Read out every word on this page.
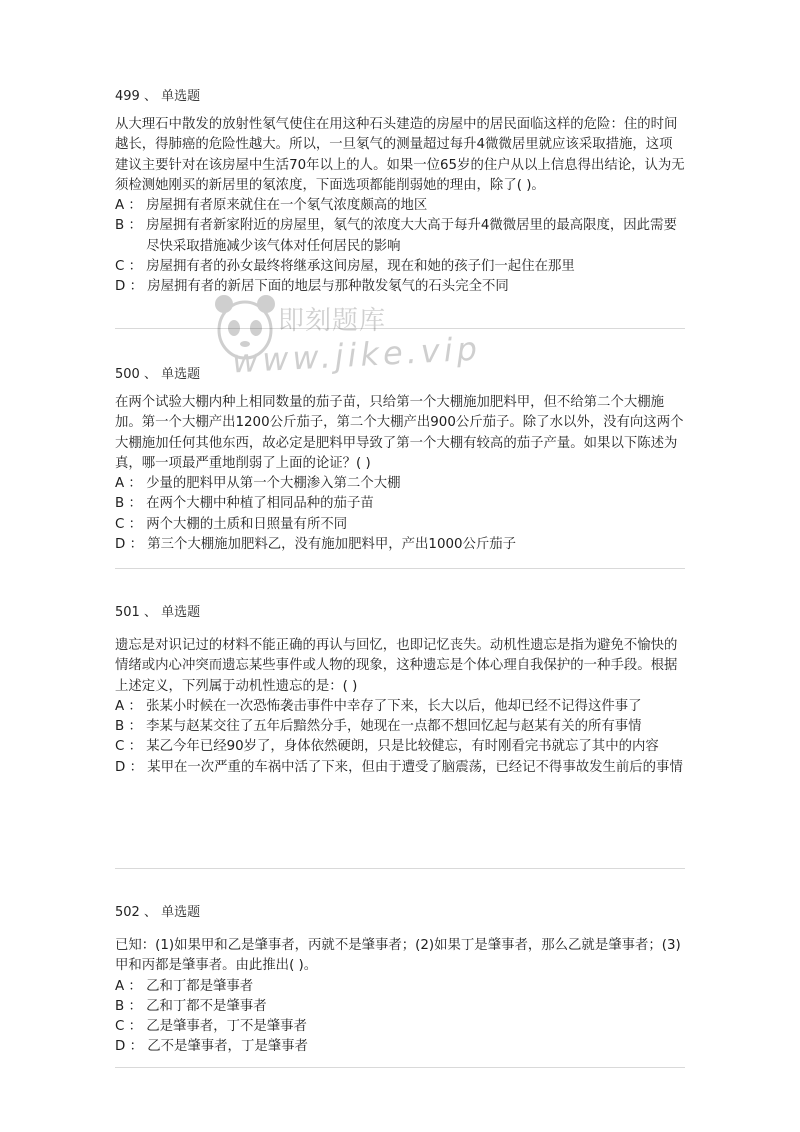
499 、 单选题
从大理石中散发的放射性氡气使住在用这种石头建造的房屋中的居民面临这样的危险：住的时间越长，得肺癌的危险性越大。所以，一旦氡气的测量超过每升4微微居里就应该采取措施，这项建议主要针对在该房屋中生活70年以上的人。如果一位65岁的住户从以上信息得出结论，认为无须检测她刚买的新居里的氡浓度，下面选项都能削弱她的理由，除了( )。
A ： 房屋拥有者原来就住在一个氡气浓度颇高的地区
B ： 房屋拥有者新家附近的房屋里，氡气的浓度大大高于每升4微微居里的最高限度，因此需要尽快采取措施减少该气体对任何居民的影响
C ： 房屋拥有者的孙女最终将继承这间房屋，现在和她的孩子们一起住在那里
D ： 房屋拥有者的新居下面的地层与那种散发氡气的石头完全不同
即刻题库
www.jike.vip
500 、 单选题
在两个试验大棚内种上相同数量的茄子苗，只给第一个大棚施加肥料甲，但不给第二个大棚施加。第一个大棚产出1200公斤茄子，第二个大棚产出900公斤茄子。除了水以外，没有向这两个大棚施加任何其他东西，故必定是肥料甲导致了第一个大棚有较高的茄子产量。如果以下陈述为真，哪一项最严重地削弱了上面的论证？( )
A ： 少量的肥料甲从第一个大棚渗入第二个大棚
B ： 在两个大棚中种植了相同品种的茄子苗
C ： 两个大棚的土质和日照量有所不同
D ： 第三个大棚施加肥料乙，没有施加肥料甲，产出1000公斤茄子
501 、 单选题
遗忘是对识记过的材料不能正确的再认与回忆，也即记忆丧失。动机性遗忘是指为避免不愉快的情绪或内心冲突而遗忘某些事件或人物的现象，这种遗忘是个体心理自我保护的一种手段。根据上述定义，下列属于动机性遗忘的是：( )
A ： 张某小时候在一次恐怖袭击事件中幸存了下来，长大以后，他却已经不记得这件事了
B ： 李某与赵某交往了五年后黯然分手，她现在一点都不想回忆起与赵某有关的所有事情
C ： 某乙今年已经90岁了，身体依然硬朗，只是比较健忘，有时刚看完书就忘了其中的内容
D ： 某甲在一次严重的车祸中活了下来，但由于遭受了脑震荡，已经记不得事故发生前后的事情
502 、 单选题
已知：(1)如果甲和乙是肇事者，丙就不是肇事者；(2)如果丁是肇事者，那么乙就是肇事者；(3)甲和丙都是肇事者。由此推出( )。
A ： 乙和丁都是肇事者
B ： 乙和丁都不是肇事者
C ： 乙是肇事者，丁不是肇事者
D ： 乙不是肇事者，丁是肇事者
